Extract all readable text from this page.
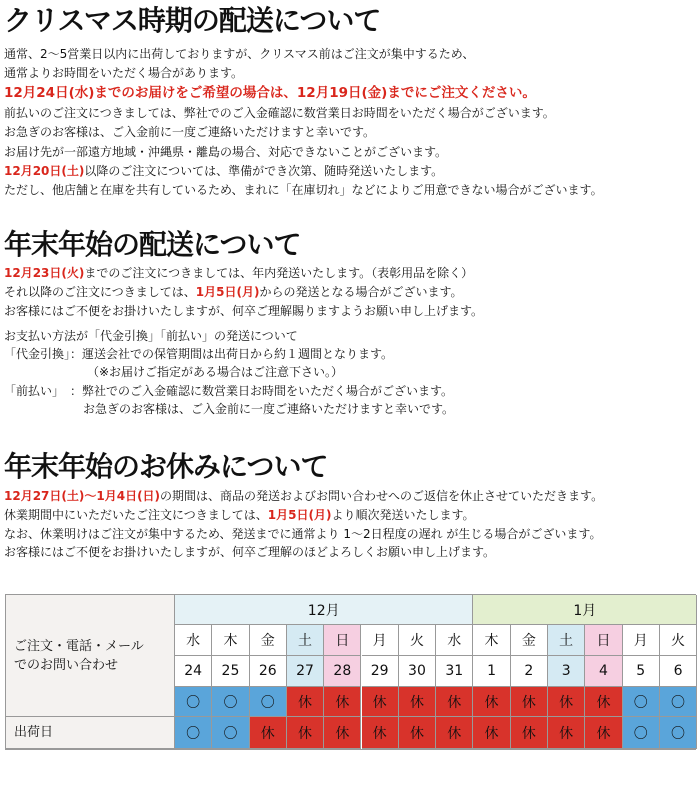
クリスマス時期の配送について
通常、2～5営業日以内に出荷しておりますが、クリスマス前はご注文が集中するため、
通常よりお時間をいただく場合があります。
12月24日(水)までのお届けをご希望の場合は、12月19日(金)までにご注文ください。
前払いのご注文につきましては、弊社でのご入金確認に数営業日お時間をいただく場合がございます。
お急ぎのお客様は、ご入金前に一度ご連絡いただけますと幸いです。
お届け先が一部遠方地域・沖縄県・離島の場合、対応できないことがございます。
12月20日(土)以降のご注文については、準備ができ次第、随時発送いたします。
ただし、他店舗と在庫を共有しているため、まれに「在庫切れ」などによりご用意できない場合がございます。
年末年始の配送について
12月23日(火)までのご注文につきましては、年内発送いたします。（表彰用品を除く）
それ以降のご注文につきましては、1月5日(月)からの発送となる場合がございます。
お客様にはご不便をお掛けいたしますが、何卒ご理解賜りますようお願い申し上げます。
お支払い方法が「代金引換」「前払い」の発送について
「代金引換」：運送会社での保管期間は出荷日から約１週間となります。
（※お届けご指定がある場合はご注意下さい。）
「前払い」　：弊社でのご入金確認に数営業日お時間をいただく場合がございます。
お急ぎのお客様は、ご入金前に一度ご連絡いただけますと幸いです。
年末年始のお休みについて
12月27日(土)～1月4日(日)の期間は、商品の発送およびお問い合わせへのご返信を休止させていただきます。
休業期間中にいただいたご注文につきましては、1月5日(月)より順次発送いたします。
なお、休業明けはご注文が集中するため、発送までに通常より 1～2日程度の遅れ が生じる場合がございます。
お客様にはご不便をお掛けいたしますが、何卒ご理解のほどよろしくお願い申し上げます。
ご注文・電話・メール
でのお問い合わせ
出荷日
12月	1月
水
24
〇
〇
木
25
〇
〇
金
26
〇
休
土
27
休
休
日
28
休
休
月
29
休
休
火
30
休
休
水
31
休
休
木
1
休
休
金
2
休
休
土
3
休
休
日
4
休
休
月
5
〇
〇
火
6
〇
〇
